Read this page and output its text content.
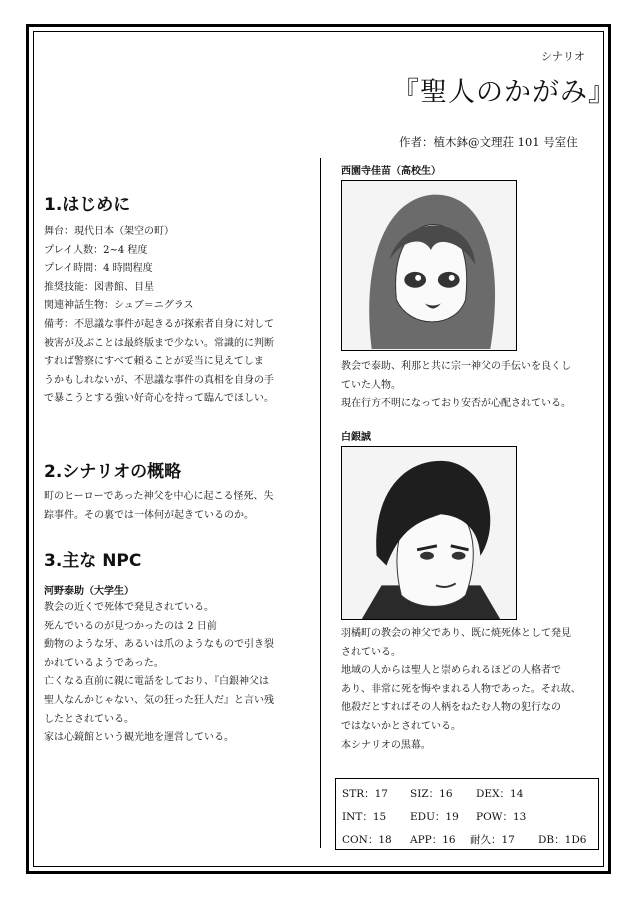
シナリオ
『聖人のかがみ』
作者：植木鉢@文理荘 101 号室住
1.はじめに
舞台：現代日本（架空の町）
プレイ人数：2~4 程度
プレイ時間：4 時間程度
推奨技能：図書館、目星
関連神話生物：シュブ＝ニグラス
備考：不思議な事件が起きるが探索者自身に対して
被害が及ぶことは最終版まで少ない。常識的に判断
すれば警察にすべて頼ることが妥当に見えてしま
うかもしれないが、不思議な事件の真相を自身の手
で暴こうとする強い好奇心を持って臨んでほしい。
2.シナリオの概略
町のヒーローであった神父を中心に起こる怪死、失
踪事件。その裏では一体何が起きているのか。
3.主な NPC
河野泰助（大学生）
教会の近くで死体で発見されている。
死んでいるのが見つかったのは 2 日前
動物のような牙、あるいは爪のようなもので引き裂
かれているようであった。
亡くなる直前に親に電話をしており、『白銀神父は
聖人なんかじゃない、気の狂った狂人だ』と言い残
したとされている。
家は心鏡館という観光地を運営している。
西園寺佳苗（高校生）
教会で泰助、利那と共に宗一神父の手伝いを良くし
ていた人物。
現在行方不明になっており安否が心配されている。
白銀誠
羽橘町の教会の神父であり、既に焼死体として発見
されている。
地域の人からは聖人と崇められるほどの人格者で
あり、非常に死を悔やまれる人物であった。それ故、
他殺だとすればその人柄をねたむ人物の犯行なの
ではないかとされている。
本シナリオの黒幕。
STR：17 SIZ：16 DEX：14
INT：15 EDU：19 POW：13
CON：18 APP：16 耐久：17 DB：1D6
